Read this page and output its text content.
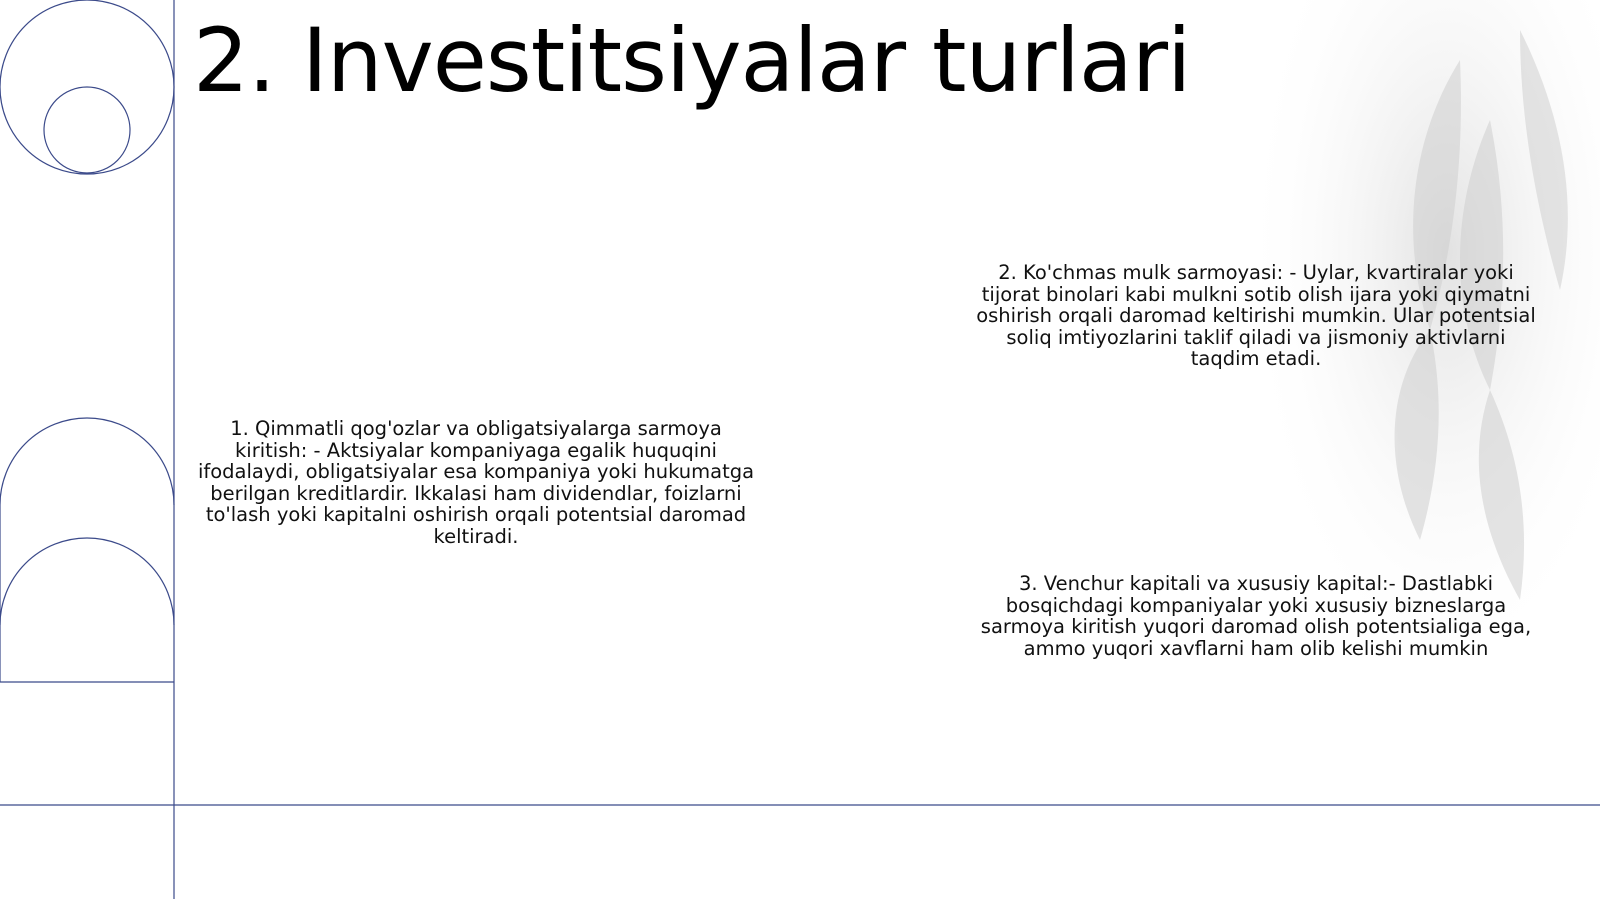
2. Investitsiyalar turlari

1. Qimmatli qog'ozlar va obligatsiyalarga sarmoya kiritish: - Aktsiyalar kompaniyaga egalik huquqini ifodalaydi, obligatsiyalar esa kompaniya yoki hukumatga berilgan kreditlardir. Ikkalasi ham dividendlar, foizlarni to'lash yoki kapitalni oshirish orqali potentsial daromad keltiradi.

2. Ko'chmas mulk sarmoyasi: - Uylar, kvartiralar yoki tijorat binolari kabi mulkni sotib olish ijara yoki qiymatni oshirish orqali daromad keltirishi mumkin. Ular potentsial soliq imtiyozlarini taklif qiladi va jismoniy aktivlarni taqdim etadi.

3. Venchur kapitali va xususiy kapital:- Dastlabki bosqichdagi kompaniyalar yoki xususiy bizneslarga sarmoya kiritish yuqori daromad olish potentsialiga ega, ammo yuqori xavflarni ham olib kelishi mumkin
